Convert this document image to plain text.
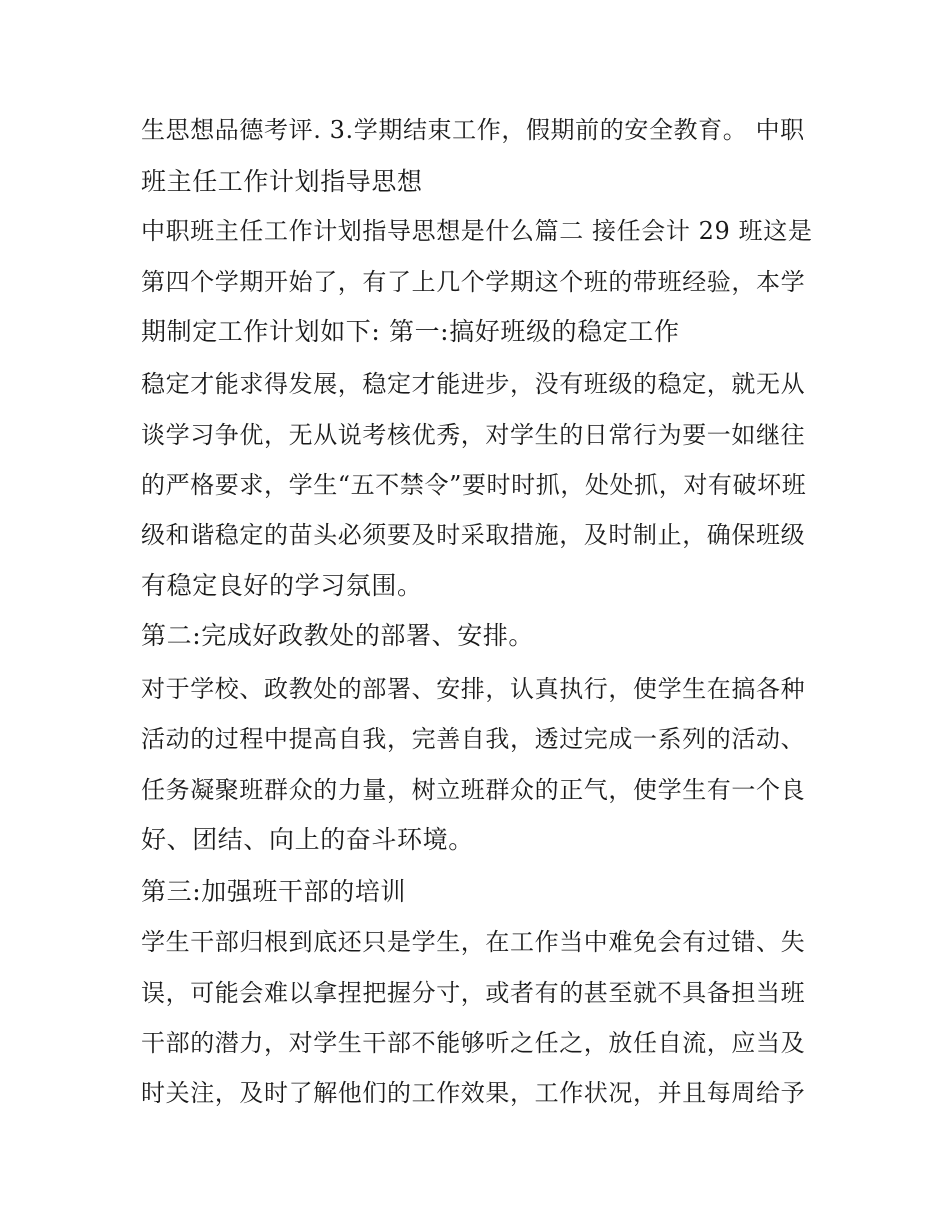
生思想品德考评. 3.学期结束工作，假期前的安全教育。 中职
班主任工作计划指导思想
中职班主任工作计划指导思想是什么篇二 接任会计 29 班这是
第四个学期开始了，有了上几个学期这个班的带班经验，本学
期制定工作计划如下: 第一:搞好班级的稳定工作
稳定才能求得发展，稳定才能进步，没有班级的稳定，就无从
谈学习争优，无从说考核优秀，对学生的日常行为要一如继往
的严格要求，学生“五不禁令”要时时抓，处处抓，对有破坏班
级和谐稳定的苗头必须要及时采取措施，及时制止，确保班级
有稳定良好的学习氛围。
第二:完成好政教处的部署、安排。
对于学校、政教处的部署、安排，认真执行，使学生在搞各种
活动的过程中提高自我，完善自我，透过完成一系列的活动、
任务凝聚班群众的力量，树立班群众的正气，使学生有一个良
好、团结、向上的奋斗环境。
第三:加强班干部的培训
学生干部归根到底还只是学生，在工作当中难免会有过错、失
误，可能会难以拿捏把握分寸，或者有的甚至就不具备担当班
干部的潜力，对学生干部不能够听之任之，放任自流，应当及
时关注，及时了解他们的工作效果，工作状况，并且每周给予
